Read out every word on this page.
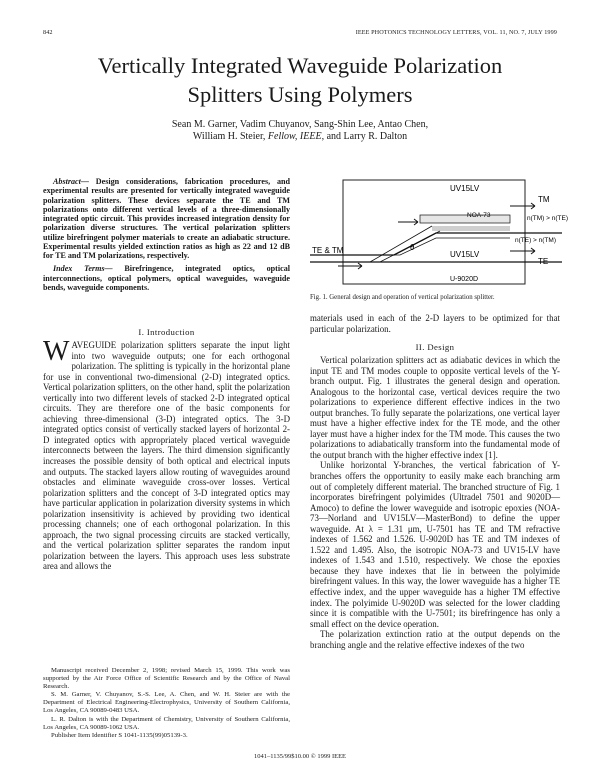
842	IEEE PHOTONICS TECHNOLOGY LETTERS, VOL. 11, NO. 7, JULY 1999
Vertically Integrated Waveguide Polarization
Splitters Using Polymers
Sean M. Garner, Vadim Chuyanov, Sang-Shin Lee, Antao Chen,
William H. Steier, Fellow, IEEE, and Larry R. Dalton

Abstract— Design considerations, fabrication procedures, and experimental results are presented for vertically integrated waveguide polarization splitters. These devices separate the TE and TM polarizations onto different vertical levels of a three-dimensionally integrated optic circuit. This provides increased integration density for polarization diverse structures. The vertical polarization splitters utilize birefringent polymer materials to create an adiabatic structure. Experimental results yielded extinction ratios as high as 22 and 12 dB for TE and TM polarizations, respectively.

Index Terms— Birefringence, integrated optics, optical interconnections, optical polymers, optical waveguides, waveguide bends, waveguide components.

I. Introduction

WAVEGUIDE polarization splitters separate the input light into two waveguide outputs; one for each orthogonal polarization. The splitting is typically in the horizontal plane for use in conventional two-dimensional (2-D) integrated optics. Vertical polarization splitters, on the other hand, split the polarization vertically into two different levels of stacked 2-D integrated optical circuits. They are therefore one of the basic components for achieving three-dimensional (3-D) integrated optics. The 3-D integrated optics consist of vertically stacked layers of horizontal 2-D integrated optics with appropriately placed vertical waveguide interconnects between the layers. The third dimension significantly increases the possible density of both optical and electrical inputs and outputs. The stacked layers allow routing of waveguides around obstacles and eliminate waveguide cross-over losses. Vertical polarization splitters and the concept of 3-D integrated optics may have particular application in polarization diversity systems in which polarization insensitivity is achieved by providing two identical processing channels; one of each orthogonal polarization. In this approach, the two signal processing circuits are stacked vertically, and the vertical polarization splitter separates the random input polarization between the layers. This approach uses less substrate area and allows the

Manuscript received December 2, 1998; revised March 15, 1999. This work was supported by the Air Force Office of Scientific Research and by the Office of Naval Research.

S. M. Garner, V. Chuyanov, S.-S. Lee, A. Chen, and W. H. Steier are with the Department of Electrical Engineering-Electrophysics, University of Southern California, Los Angeles, CA 90089-0483 USA.

L. R. Dalton is with the Department of Chemistry, University of Southern California, Los Angeles, CA 90089-1062 USA.

Publisher Item Identifier S 1041-1135(99)05139-3.

UV15LV
NOA-73
TE & TM	θ
UV15LV
U-9020D
TM
n(TM) > n(TE)
n(TE) > n(TM)
TE
Fig. 1. General design and operation of vertical polarization splitter.
materials used in each of the 2-D layers to be optimized for that particular polarization.
II. Design

Vertical polarization splitters act as adiabatic devices in which the input TE and TM modes couple to opposite vertical levels of the Y-branch output. Fig. 1 illustrates the general design and operation. Analogous to the horizontal case, vertical devices require the two polarizations to experience different effective indices in the two output branches. To fully separate the polarizations, one vertical layer must have a higher effective index for the TE mode, and the other layer must have a higher index for the TM mode. This causes the two polarizations to adiabatically transform into the fundamental mode of the output branch with the higher effective index [1].

Unlike horizontal Y-branches, the vertical fabrication of Y-branches offers the opportunity to easily make each branching arm out of completely different material. The branched structure of Fig. 1 incorporates birefringent polyimides (Ultradel 7501 and 9020D—Amoco) to define the lower waveguide and isotropic epoxies (NOA-73—Norland and UV15LV—MasterBond) to define the upper waveguide. At λ = 1.31 μm, U-7501 has TE and TM refractive indexes of 1.562 and 1.526. U-9020D has TE and TM indexes of 1.522 and 1.495. Also, the isotropic NOA-73 and UV15-LV have indexes of 1.543 and 1.510, respectively. We chose the epoxies because they have indexes that lie in between the polyimide birefringent values. In this way, the lower waveguide has a higher TE effective index, and the upper waveguide has a higher TM effective index. The polyimide U-9020D was selected for the lower cladding since it is compatible with the U-7501; its birefringence has only a small effect on the device operation.

The polarization extinction ratio at the output depends on the branching angle and the relative effective indexes of the two

1041–1135/99$10.00 © 1999 IEEE
